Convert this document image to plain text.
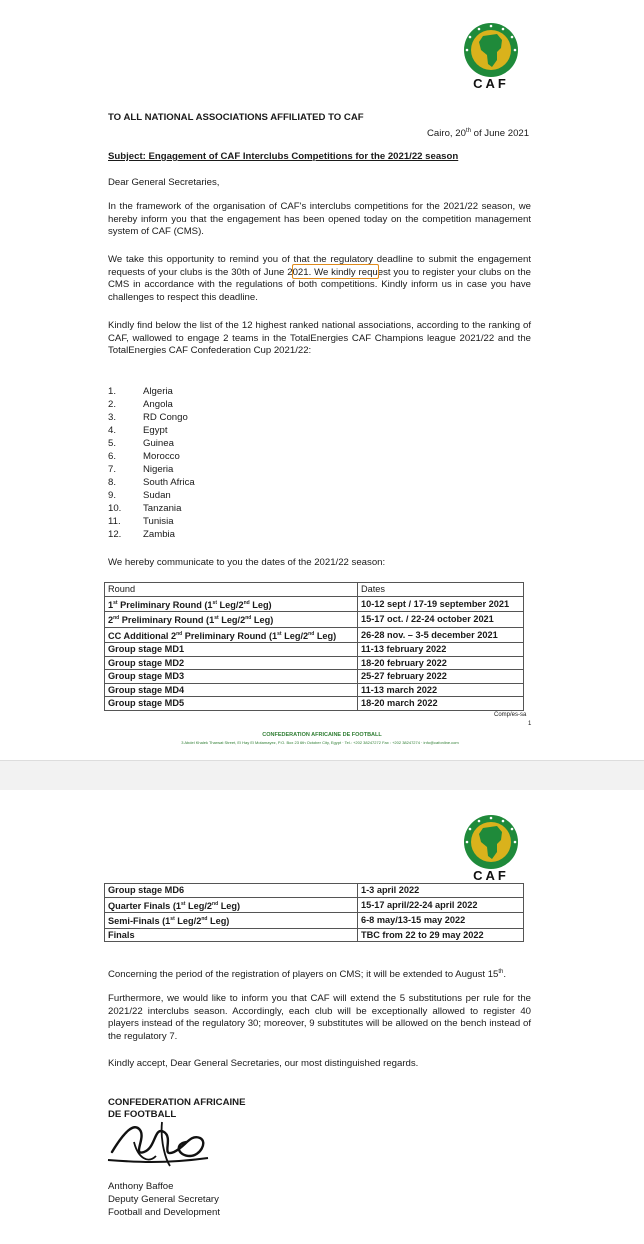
CAF
TO ALL NATIONAL ASSOCIATIONS AFFILIATED TO CAF
Cairo, 20th of June 2021
Subject: Engagement of CAF Interclubs Competitions for the 2021/22 season
Dear General Secretaries,
In the framework of the organisation of CAF's interclubs competitions for the 2021/22 season, we hereby inform you that the engagement has been opened today on the competition management system of CAF (CMS).
We take this opportunity to remind you of that the regulatory deadline to submit the engagement requests of your clubs is the 30th of June 2021. We kindly request you to register your clubs on the CMS in accordance with the regulations of both competitions. Kindly inform us in case you have challenges to respect this deadline.
Kindly find below the list of the 12 highest ranked national associations, according to the ranking of CAF, wallowed to engage 2 teams in the TotalEnergies CAF Champions league 2021/22 and the TotalEnergies CAF Confederation Cup 2021/22:
1.	Algeria
2.	Angola
3.	RD Congo
4.	Egypt
5.	Guinea
6.	Morocco
7.	Nigeria
8.	South Africa
9.	Sudan
10. Tanzania
11. Tunisia
12. Zambia
We hereby communicate to you the dates of the 2021/22 season:
Round	Dates
1st Preliminary Round (1st Leg/2nd Leg)	10-12 sept / 17-19 september 2021
2nd Preliminary Round (1st Leg/2nd Leg)	15-17 oct. / 22-24 october 2021
CC Additional 2nd Preliminary Round (1st Leg/2nd Leg)	26-28 nov. – 3-5 december 2021
Group stage MD1	11-13 february 2022
Group stage MD2	18-20 february 2022
Group stage MD3	25-27 february 2022
Group stage MD4	11-13 march 2022
Group stage MD5	18-20 march 2022
Comp/es-sa
1
CONFEDERATION AFRICAINE DE FOOTBALL
3 Abdel Khalek Tharwat Street, El Hay El Motamayez, P.O. Box 23 6th October City, Egypt · Tel.: +202 38247272 Fax : +202 38247274 · info@cafonline.com
CAF
Group stage MD6	1-3 april 2022
Quarter Finals (1st Leg/2nd Leg)	15-17 april/22-24 april 2022
Semi-Finals (1st Leg/2nd Leg)	6-8 may/13-15 may 2022
Finals	TBC from 22 to 29 may 2022
Concerning the period of the registration of players on CMS; it will be extended to August 15th.
Furthermore, we would like to inform you that CAF will extend the 5 substitutions per rule for the 2021/22 interclubs season. Accordingly, each club will be exceptionally allowed to register 40 players instead of the regulatory 30; moreover, 9 substitutes will be allowed on the bench instead of the regulatory 7.
Kindly accept, Dear General Secretaries, our most distinguished regards.
CONFEDERATION AFRICAINE
DE FOOTBALL
Anthony Baffoe
Deputy General Secretary
Football and Development
